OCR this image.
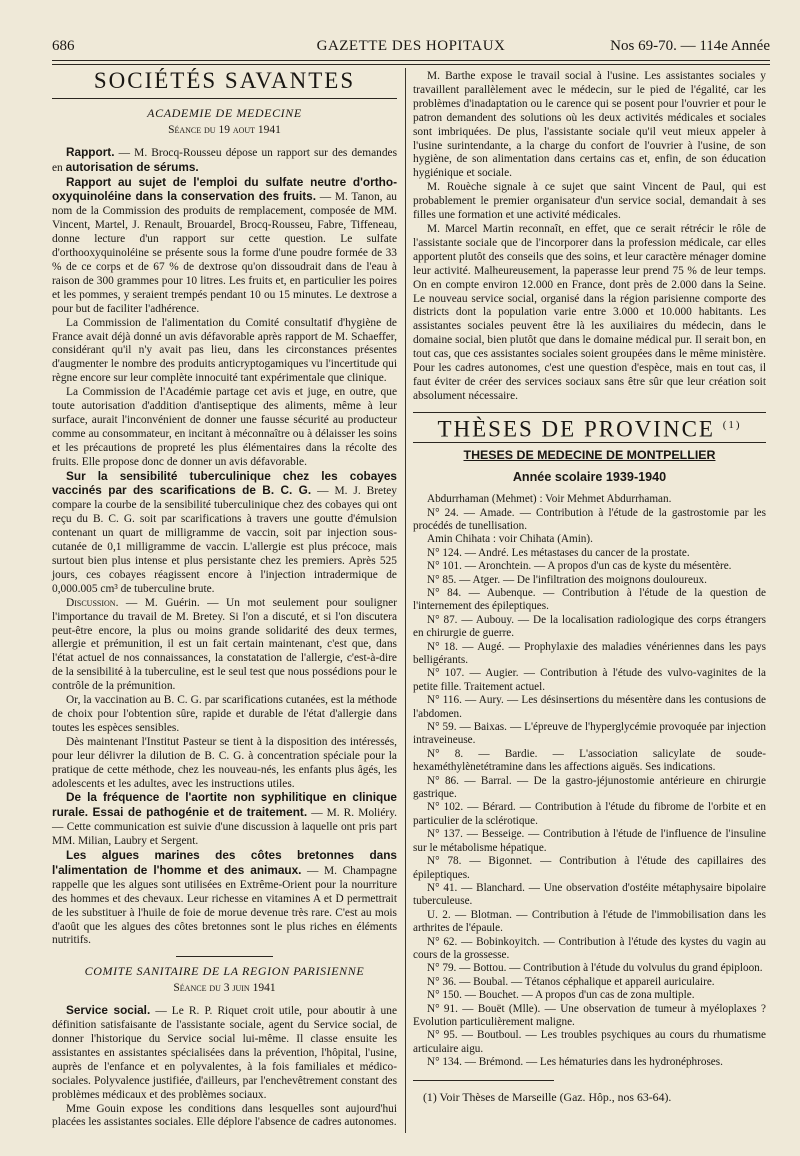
686	GAZETTE DES HOPITAUX	Nos 69-70. — 114e Année
SOCIÉTÉS SAVANTES
ACADEMIE DE MEDECINE
Séance du 19 aout 1941

Rapport. — M. Brocq-Rousseu dépose un rapport sur des demandes en autorisation de sérums.

Rapport au sujet de l'emploi du sulfate neutre d'ortho-oxyquinoléine dans la conservation des fruits. — M. Tanon, au nom de la Commission des produits de remplacement, composée de MM. Vincent, Martel, J. Renault, Brouardel, Brocq-Rousseu, Fabre, Tiffeneau, donne lecture d'un rapport sur cette question. Le sulfate d'orthooxyquinoléine se présente sous la forme d'une poudre formée de 33 % de ce corps et de 67 % de dextrose qu'on dissoudrait dans de l'eau à raison de 300 grammes pour 10 litres. Les fruits et, en particulier les poires et les pommes, y seraient trempés pendant 10 ou 15 minutes. Le dextrose a pour but de faciliter l'adhérence.

La Commission de l'alimentation du Comité consultatif d'hygiène de France avait déjà donné un avis défavorable après rapport de M. Schaeffer, considérant qu'il n'y avait pas lieu, dans les circonstances présentes d'augmenter le nombre des produits anticryptogamiques vu l'incertitude qui règne encore sur leur complète innocuité tant expérimentale que clinique.

La Commission de l'Académie partage cet avis et juge, en outre, que toute autorisation d'addition d'antiseptique des aliments, même à leur surface, aurait l'inconvénient de donner une fausse sécurité au producteur comme au consommateur, en incitant à méconnaître ou à délaisser les soins et les précautions de propreté les plus élémentaires dans la récolte des fruits. Elle propose donc de donner un avis défavorable.

Sur la sensibilité tuberculinique chez les cobayes vaccinés par des scarifications de B. C. G. — M. J. Bretey compare la courbe de la sensibilité tuberculinique chez des cobayes qui ont reçu du B. C. G. soit par scarifications à travers une goutte d'émulsion contenant un quart de milligramme de vaccin, soit par injection sous-cutanée de 0,1 milligramme de vaccin. L'allergie est plus précoce, mais surtout bien plus intense et plus persistante chez les premiers. Après 525 jours, ces cobayes réagissent encore à l'injection intradermique de 0,000.005 cm³ de tuberculine brute.

Discussion. — M. Guérin. — Un mot seulement pour souligner l'importance du travail de M. Bretey. Si l'on a discuté, et si l'on discutera peut-être encore, la plus ou moins grande solidarité des deux termes, allergie et prémunition, il est un fait certain maintenant, c'est que, dans l'état actuel de nos connaissances, la constatation de l'allergie, c'est-à-dire de la sensibilité à la tuberculine, est le seul test que nous possédions pour le contrôle de la prémunition.

Or, la vaccination au B. C. G. par scarifications cutanées, est la méthode de choix pour l'obtention sûre, rapide et durable de l'état d'allergie dans toutes les espèces sensibles.

Dès maintenant l'Institut Pasteur se tient à la disposition des intéressés, pour leur délivrer la dilution de B. C. G. à concentration spéciale pour la pratique de cette méthode, chez les nouveau-nés, les enfants plus âgés, les adolescents et les adultes, avec les instructions utiles.

De la fréquence de l'aortite non syphilitique en clinique rurale. Essai de pathogénie et de traitement. — M. R. Moliéry. — Cette communication est suivie d'une discussion à laquelle ont pris part MM. Milian, Laubry et Sergent.

Les algues marines des côtes bretonnes dans l'alimentation de l'homme et des animaux. — M. Champagne rappelle que les algues sont utilisées en Extrême-Orient pour la nourriture des hommes et des chevaux. Leur richesse en vitamines A et D permettrait de les substituer à l'huile de foie de morue devenue très rare. C'est au mois d'août que les algues des côtes bretonnes sont le plus riches en éléments nutritifs.

COMITE SANITAIRE DE LA REGION PARISIENNE
Séance du 3 juin 1941

Service social. — Le R. P. Riquet croit utile, pour aboutir à une définition satisfaisante de l'assistante sociale, agent du Service social, de donner l'historique du Service social lui-même. Il classe ensuite les assistantes en assistantes spécialisées dans la prévention, l'hôpital, l'usine, auprès de l'enfance et en polyvalentes, à la fois familiales et médico-sociales. Polyvalence justifiée, d'ailleurs, par l'enchevêtrement constant des problèmes médicaux et des problèmes sociaux.

Mme Gouin expose les conditions dans lesquelles sont aujourd'hui placées les assistantes sociales. Elle déplore l'absence de cadres autonomes.

M. Barthe expose le travail social à l'usine. Les assistantes sociales y travaillent parallèlement avec le médecin, sur le pied de l'égalité, car les problèmes d'inadaptation ou le carence qui se posent pour l'ouvrier et pour le patron demandent des solutions où les deux activités médicales et sociales sont imbriquées. De plus, l'assistante sociale qu'il veut mieux appeler à l'usine surintendante, a la charge du confort de l'ouvrier à l'usine, de son hygiène, de son alimentation dans certains cas et, enfin, de son éducation hygiénique et sociale.

M. Rouèche signale à ce sujet que saint Vincent de Paul, qui est probablement le premier organisateur d'un service social, demandait à ses filles une formation et une activité médicales.

M. Marcel Martin reconnaît, en effet, que ce serait rétrécir le rôle de l'assistante sociale que de l'incorporer dans la profession médicale, car elles apportent plutôt des conseils que des soins, et leur caractère ménager domine leur activité. Malheureusement, la paperasse leur prend 75 % de leur temps. On en compte environ 12.000 en France, dont près de 2.000 dans la Seine. Le nouveau service social, organisé dans la région parisienne comporte des districts dont la population varie entre 3.000 et 10.000 habitants. Les assistantes sociales peuvent être là les auxiliaires du médecin, dans le domaine social, bien plutôt que dans le domaine médical pur. Il serait bon, en tout cas, que ces assistantes sociales soient groupées dans le même ministère. Pour les cadres autonomes, c'est une question d'espèce, mais en tout cas, il faut éviter de créer des services sociaux sans être sûr que leur création soit absolument nécessaire.

THÈSES DE PROVINCE $^{(1)}$
THESES DE MEDECINE DE MONTPELLIER
Année scolaire 1939-1940

Abdurrhaman (Mehmet) : Voir Mehmet Abdurrhaman.

N° 24. — Amade. — Contribution à l'étude de la gastrostomie par les procédés de tunellisation.

Amin Chihata : voir Chihata (Amin).

N° 124. — André. Les métastases du cancer de la prostate.

N° 101. — Aronchtein. — A propos d'un cas de kyste du mésentère.

N° 85. — Atger. — De l'infiltration des moignons douloureux.

N° 84. — Aubenque. — Contribution à l'étude de la question de l'internement des épileptiques.

N° 87. — Aubouy. — De la localisation radiologique des corps étrangers en chirurgie de guerre.

N° 18. — Augé. — Prophylaxie des maladies vénériennes dans les pays belligérants.

N° 107. — Augier. — Contribution à l'étude des vulvo-vaginites de la petite fille. Traitement actuel.

N° 116. — Aury. — Les désinsertions du mésentère dans les contusions de l'abdomen.

N° 59. — Baixas. — L'épreuve de l'hyperglycémie provoquée par injection intraveineuse.

N° 8. — Bardie. — L'association salicylate de soude-hexaméthylènetétramine dans les affections aiguës. Ses indications.

N° 86. — Barral. — De la gastro-jéjunostomie antérieure en chirurgie gastrique.

N° 102. — Bérard. — Contribution à l'étude du fibrome de l'orbite et en particulier de la sclérotique.

N° 137. — Besseige. — Contribution à l'étude de l'influence de l'insuline sur le métabolisme hépatique.

N° 78. — Bigonnet. — Contribution à l'étude des capillaires des épileptiques.

N° 41. — Blanchard. — Une observation d'ostéite métaphysaire bipolaire tuberculeuse.

U. 2. — Blotman. — Contribution à l'étude de l'immobilisation dans les arthrites de l'épaule.

N° 62. — Bobinkoyitch. — Contribution à l'étude des kystes du vagin au cours de la grossesse.

N° 79. — Bottou. — Contribution à l'étude du volvulus du grand épiploon.

N° 36. — Boubal. — Tétanos céphalique et appareil auriculaire.

N° 150. — Bouchet. — A propos d'un cas de zona multiple.

N° 91. — Bouët (Mlle). — Une observation de tumeur à myéloplaxes ? Evolution particulièrement maligne.

N° 95. — Boutboul. — Les troubles psychiques au cours du rhumatisme articulaire aigu.

N° 134. — Brémond. — Les hématuries dans les hydronéphroses.

(1) Voir Thèses de Marseille (Gaz. Hôp., nos 63-64).
